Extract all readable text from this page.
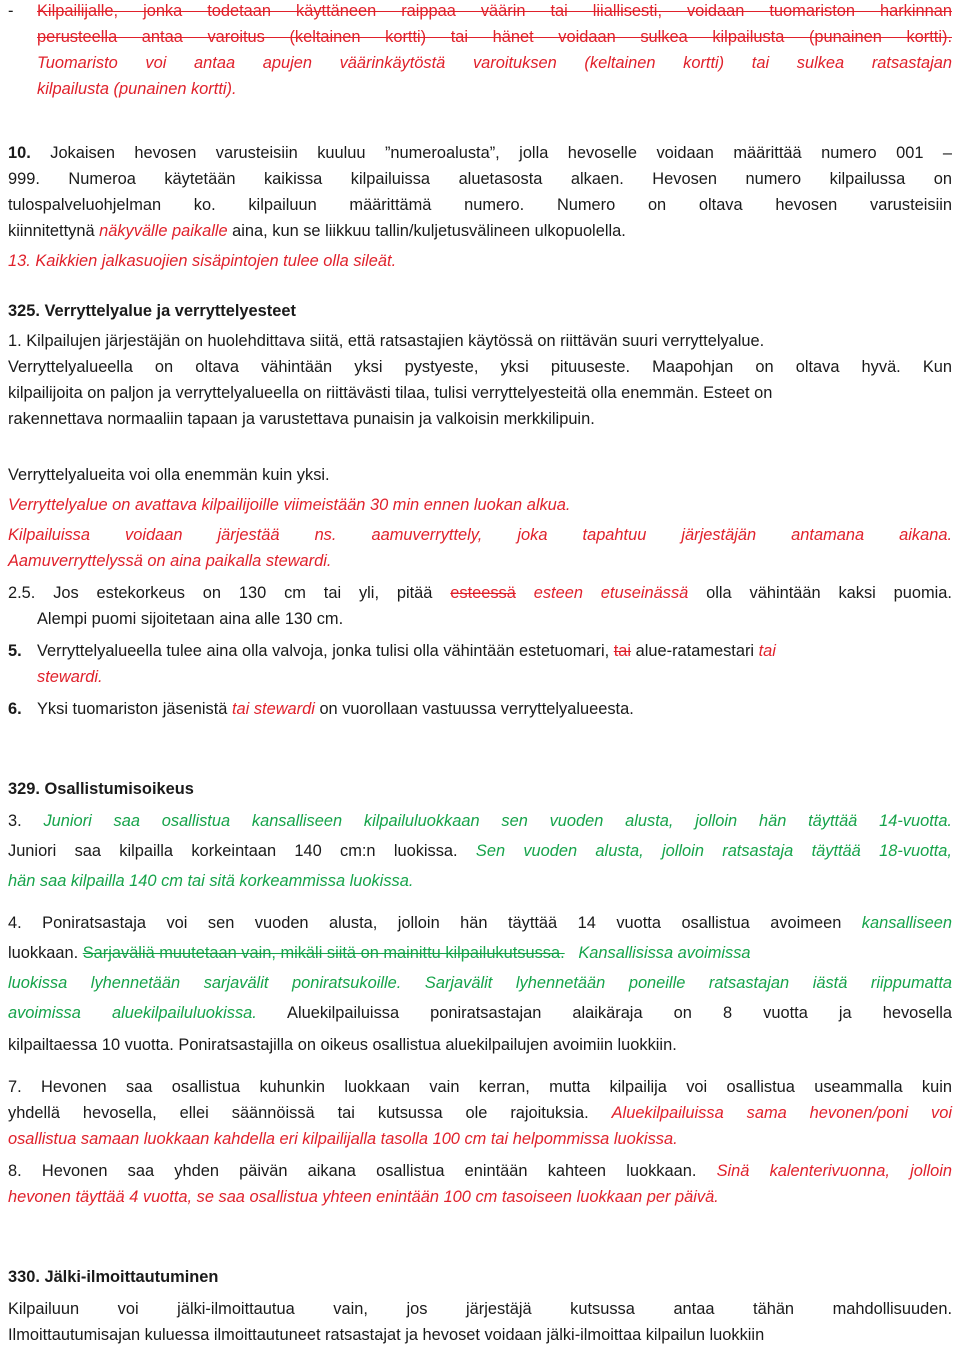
- Kilpailijalle, jonka todetaan käyttäneen raippaa väärin tai liiallisesti, voidaan tuomariston harkinnan
perusteella antaa varoitus (keltainen kortti) tai hänet voidaan sulkea kilpailusta (punainen kortti).
Tuomaristo voi antaa apujen väärinkäytöstä varoituksen (keltainen kortti) tai sulkea ratsastajan
kilpailusta (punainen kortti).
10. Jokaisen hevosen varusteisiin kuuluu ”numeroalusta”, jolla hevoselle voidaan määrittää numero 001 –
999. Numeroa käytetään kaikissa kilpailuissa aluetasosta alkaen. Hevosen numero kilpailussa on
tulospalveluohjelman ko. kilpailuun määrittämä numero. Numero on oltava hevosen varusteisiin
kiinnitettynä näkyvälle paikalle aina, kun se liikkuu tallin/kuljetusvälineen ulkopuolella.
13. Kaikkien jalkasuojien sisäpintojen tulee olla sileät.
325. Verryttelyalue ja verryttelyesteet
1. Kilpailujen järjestäjän on huolehdittava siitä, että ratsastajien käytössä on riittävän suuri verryttelyalue.
Verryttelyalueella on oltava vähintään yksi pystyeste, yksi pituuseste. Maapohjan on oltava hyvä. Kun
kilpailijoita on paljon ja verryttelyalueella on riittävästi tilaa, tulisi verryttelyesteitä olla enemmän. Esteet on
rakennettava normaaliin tapaan ja varustettava punaisin ja valkoisin merkkilipuin.
Verryttelyalueita voi olla enemmän kuin yksi.
Verryttelyalue on avattava kilpailijoille viimeistään 30 min ennen luokan alkua.
Kilpailuissa voidaan järjestää ns. aamuverryttely, joka tapahtuu järjestäjän antamana aikana.
Aamuverryttelyssä on aina paikalla stewardi.
2.5. Jos estekorkeus on 130 cm tai yli, pitää esteessä esteen etuseinässä olla vähintään kaksi puomia.
Alempi puomi sijoitetaan aina alle 130 cm.
5. Verryttelyalueella tulee aina olla valvoja, jonka tulisi olla vähintään estetuomari, tai alue-ratamestari tai
stewardi.
6. Yksi tuomariston jäsenistä tai stewardi on vuorollaan vastuussa verryttelyalueesta.
329. Osallistumisoikeus
3. Juniori saa osallistua kansalliseen kilpailuluokkaan sen vuoden alusta, jolloin hän täyttää 14-vuotta.
Juniori saa kilpailla korkeintaan 140 cm:n luokissa. Sen vuoden alusta, jolloin ratsastaja täyttää 18-vuotta,
hän saa kilpailla 140 cm tai sitä korkeammissa luokissa.
4. Poniratsastaja voi sen vuoden alusta, jolloin hän täyttää 14 vuotta osallistua avoimeen kansalliseen
luokkaan. Sarjaväliä muutetaan vain, mikäli siitä on mainittu kilpailukutsussa. Kansallisissa avoimissa
luokissa lyhennetään sarjavälit poniratsukoille. Sarjavälit lyhennetään poneille ratsastajan iästä riippumatta
avoimissa aluekilpailuluokissa. Aluekilpailuissa poniratsastajan alaikäraja on 8 vuotta ja hevosella
kilpailtaessa 10 vuotta. Poniratsastajilla on oikeus osallistua aluekilpailujen avoimiin luokkiin.
7. Hevonen saa osallistua kuhunkin luokkaan vain kerran, mutta kilpailija voi osallistua useammalla kuin
yhdellä hevosella, ellei säännöissä tai kutsussa ole rajoituksia. Aluekilpailuissa sama hevonen/poni voi
osallistua samaan luokkaan kahdella eri kilpailijalla tasolla 100 cm tai helpommissa luokissa.
8. Hevonen saa yhden päivän aikana osallistua enintään kahteen luokkaan. Sinä kalenterivuonna, jolloin
hevonen täyttää 4 vuotta, se saa osallistua yhteen enintään 100 cm tasoiseen luokkaan per päivä.
330. Jälki-ilmoittautuminen
Kilpailuun voi jälki-ilmoittautua vain, jos järjestäjä kutsussa antaa tähän mahdollisuuden.
Ilmoittautumisajan kuluessa ilmoittautuneet ratsastajat ja hevoset voidaan jälki-ilmoittaa kilpailun luokkiin
